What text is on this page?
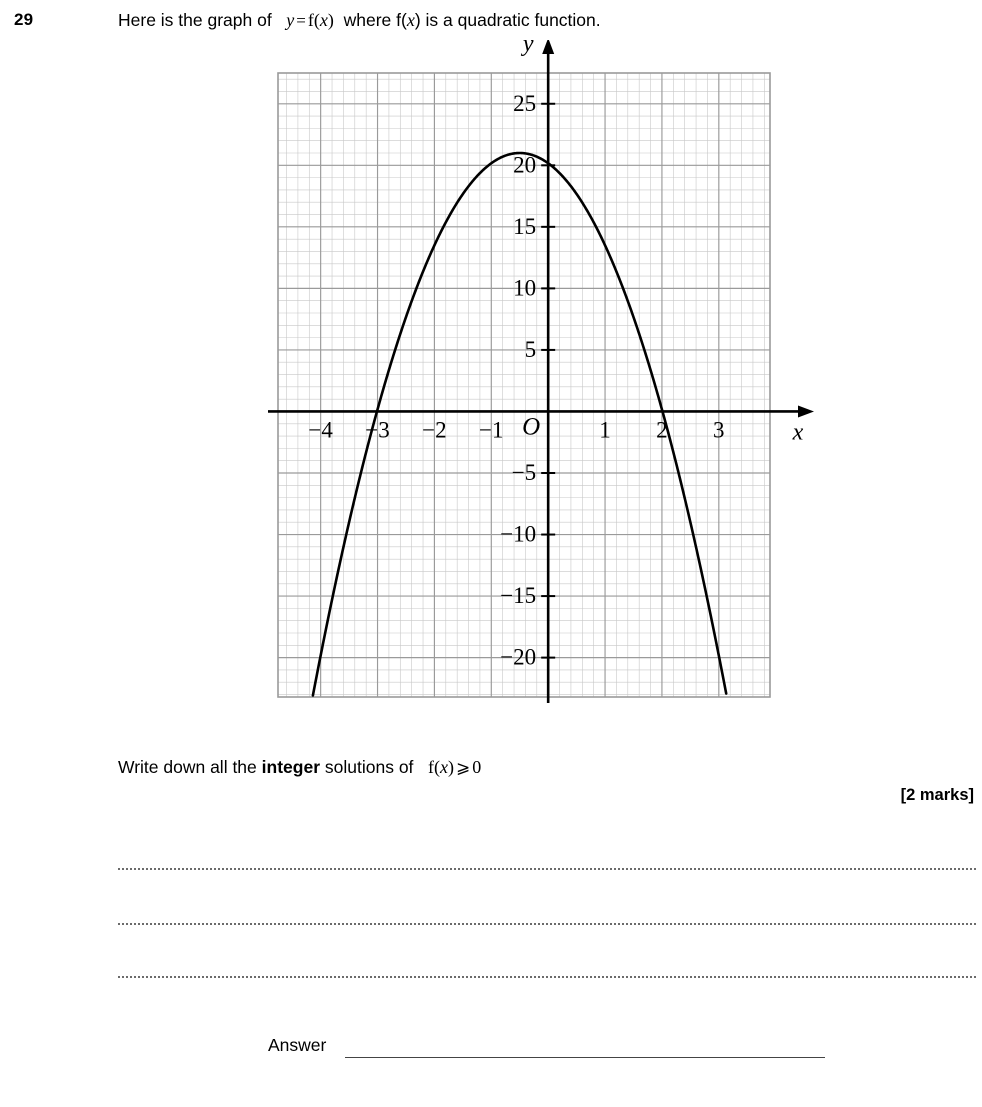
29	Here is the graph of y = f(x) where f(x) is a quadratic function.
25
20
15
10
5
−5
−10
−15
−20
−4 −3 −2 −1	1 2 3
O	x
y
Write down all the integer solutions of f(x) ⩾ 0
[2 marks]
Answer
